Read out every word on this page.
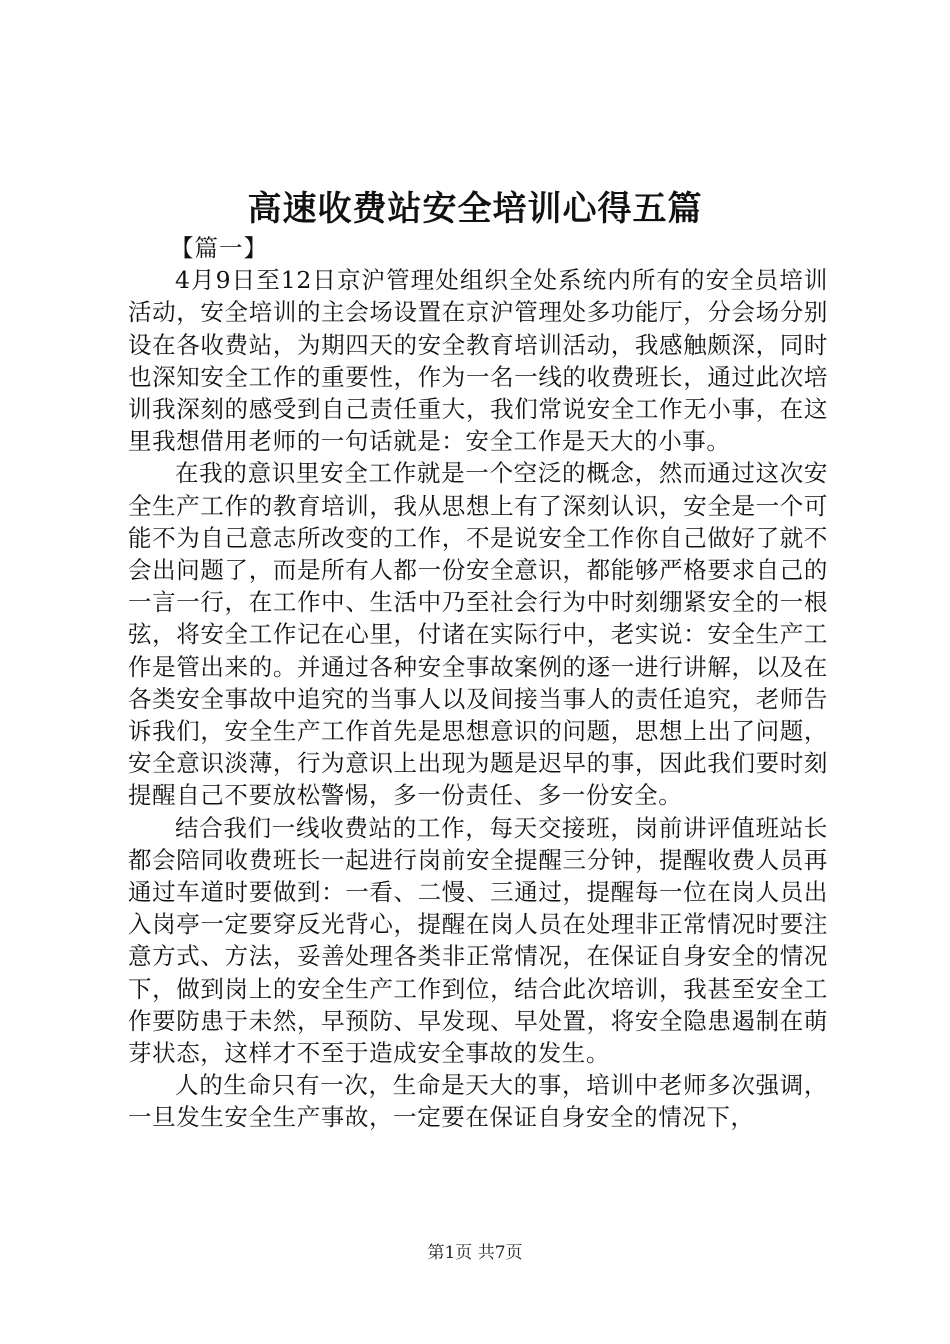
高速收费站安全培训心得五篇

【篇一】

4月9日至12日京沪管理处组织全处系统内所有的安全员培训活动，安全培训的主会场设置在京沪管理处多功能厅，分会场分别设在各收费站，为期四天的安全教育培训活动，我感触颇深，同时也深知安全工作的重要性，作为一名一线的收费班长，通过此次培训我深刻的感受到自己责任重大，我们常说安全工作无小事，在这里我想借用老师的一句话就是：安全工作是天大的小事。

在我的意识里安全工作就是一个空泛的概念，然而通过这次安全生产工作的教育培训，我从思想上有了深刻认识，安全是一个可能不为自己意志所改变的工作，不是说安全工作你自己做好了就不会出问题了，而是所有人都一份安全意识，都能够严格要求自己的一言一行，在工作中、生活中乃至社会行为中时刻绷紧安全的一根弦，将安全工作记在心里，付诸在实际行中，老实说：安全生产工作是管出来的。并通过各种安全事故案例的逐一进行讲解，以及在各类安全事故中追究的当事人以及间接当事人的责任追究，老师告诉我们，安全生产工作首先是思想意识的问题，思想上出了问题，安全意识淡薄，行为意识上出现为题是迟早的事，因此我们要时刻提醒自己不要放松警惕，多一份责任、多一份安全。

结合我们一线收费站的工作，每天交接班，岗前讲评值班站长都会陪同收费班长一起进行岗前安全提醒三分钟，提醒收费人员再通过车道时要做到：一看、二慢、三通过，提醒每一位在岗人员出入岗亭一定要穿反光背心，提醒在岗人员在处理非正常情况时要注意方式、方法，妥善处理各类非正常情况，在保证自身安全的情况下，做到岗上的安全生产工作到位，结合此次培训，我甚至安全工作要防患于未然，早预防、早发现、早处置，将安全隐患遏制在萌芽状态，这样才不至于造成安全事故的发生。

人的生命只有一次，生命是天大的事，培训中老师多次强调，一旦发生安全生产事故，一定要在保证自身安全的情况下，

第1页 共7页
